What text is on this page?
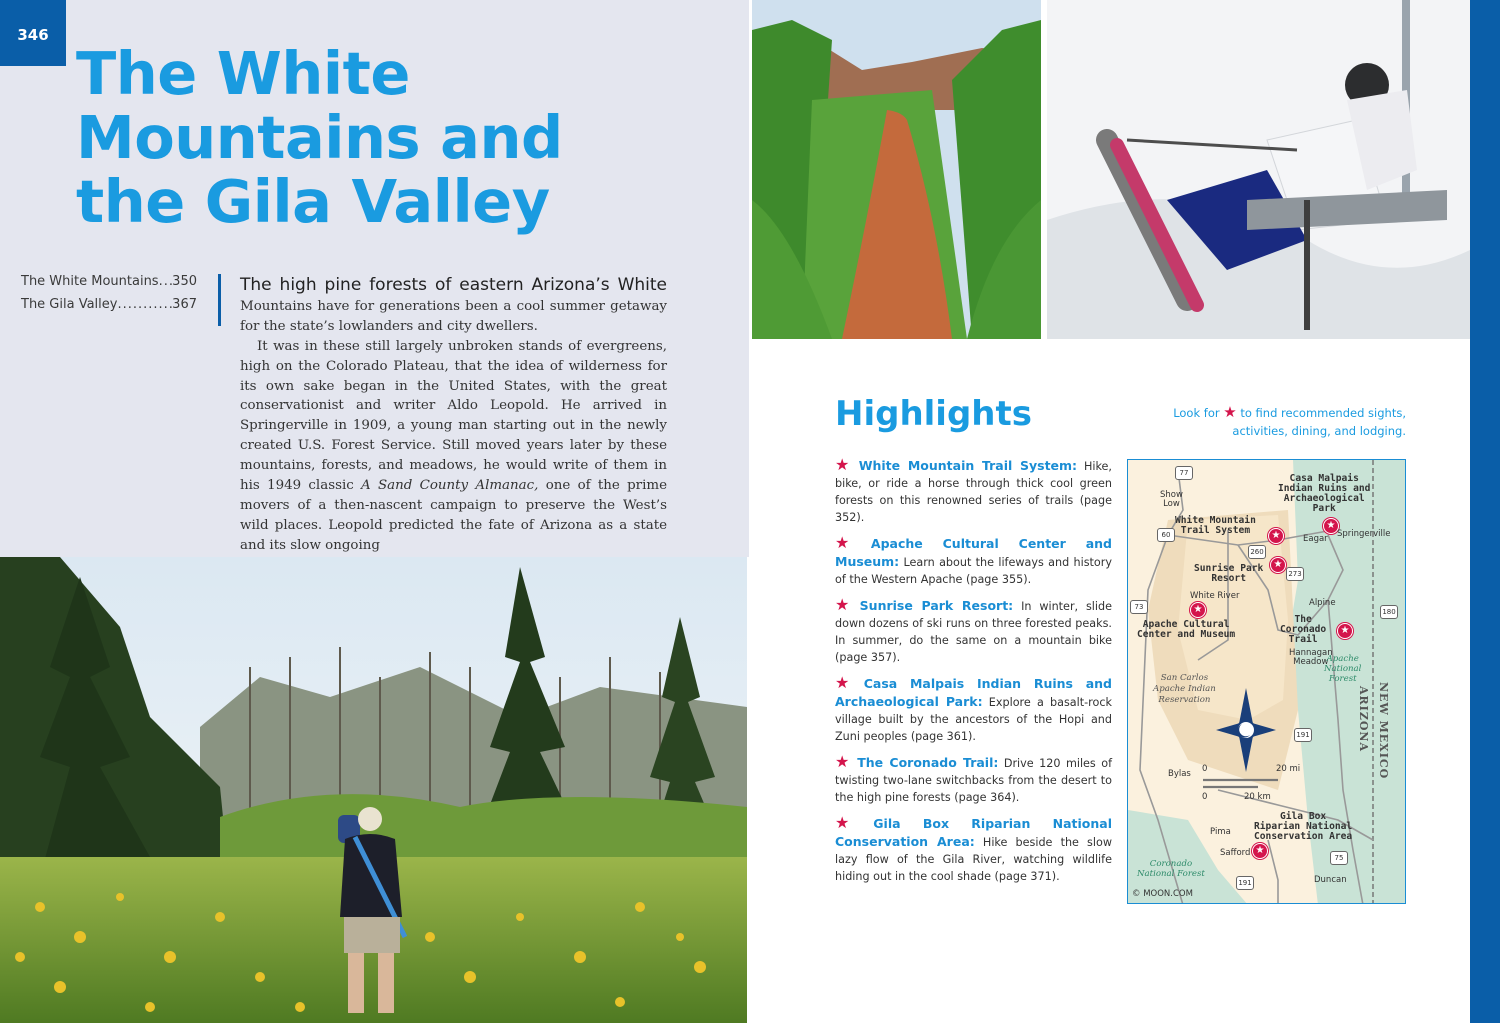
346
The White
Mountains and
the Gila Valley
The White Mountains ..... 350
The Gila Valley .....	367

The high pine forests of eastern Arizona’s White Mountains have for generations been a cool summer getaway for the state’s lowlanders and city dwellers.

It was in these still largely unbroken stands of evergreens, high on the Colorado Plateau, that the idea of wilderness for its own sake began in the United States, with the great conservationist and writer Aldo Leopold. He arrived in Springerville in 1909, a young man starting out in the newly created U.S. Forest Service. Still moved years later by these mountains, forests, and meadows, he would write of them in his 1949 classic A Sand County Almanac, one of the prime movers of a then-nascent campaign to preserve the West’s wild places. Leopold predicted the fate of Arizona as a state and its slow ongoing

Highlights	Look for ★ to find recommended sights, activities, dining, and lodging.
★ White Mountain Trail System: Hike, bike, or ride a horse through thick cool green forests on this renowned series of trails (page 352).
★ Apache Cultural Center and Museum: Learn about the lifeways and history of the Western Apache (page 355).
★ Sunrise Park Resort: In winter, slide down dozens of ski runs on three forested peaks. In summer, do the same on a mountain bike (page 357).
★ Casa Malpais Indian Ruins and Archaeological Park: Explore a basalt-rock village built by the ancestors of the Hopi and Zuni peoples (page 361).
★ The Coronado Trail: Drive 120 miles of twisting two-lane switchbacks from the desert to the high pine forests (page 364).
★ Gila Box Riparian National Conservation Area: Hike beside the slow lazy flow of the Gila River, watching wildlife hiding out in the cool shade (page 371).
Casa Malpais
Indian Ruins and
Archaeological
Park
White Mountain
Trail System
Sunrise Park
Resort
Apache Cultural
Center and Museum
The
Coronado
Trail
Gila Box
Riparian National
Conservation Area
★
★
★
★
★
★
Show
Low
Springerville
Eagar
White River
Alpine
Hannagan
Meadow
Bylas
Pima
Safford
Duncan
Apache
National
Forest
Coronado
National Forest
San Carlos
Apache Indian
Reservation	NEW MEXICO
ARIZONA
77
60
260
273
73
180
191
75
191
0	20 mi
0	20 km
© MOON.COM
